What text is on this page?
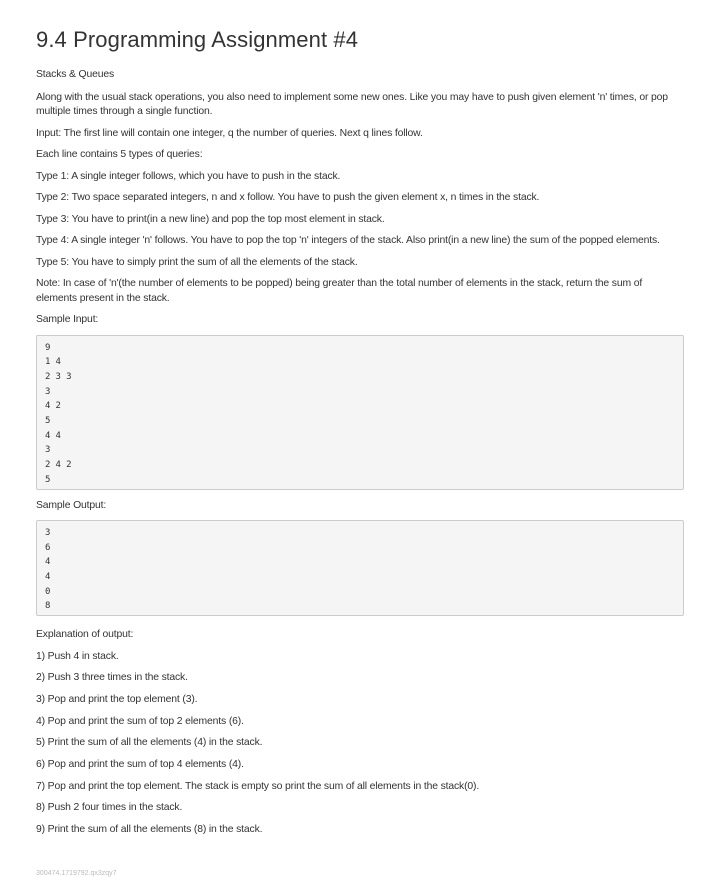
9.4 Programming Assignment #4

Stacks & Queues

Along with the usual stack operations, you also need to implement some new ones. Like you may have to push given element 'n' times, or pop multiple times through a single function.

Input: The first line will contain one integer, q the number of queries. Next q lines follow.

Each line contains 5 types of queries:

Type 1: A single integer follows, which you have to push in the stack.

Type 2: Two space separated integers, n and x follow. You have to push the given element x, n times in the stack.

Type 3: You have to print(in a new line) and pop the top most element in stack.

Type 4: A single integer 'n' follows. You have to pop the top 'n' integers of the stack. Also print(in a new line) the sum of the popped elements.

Type 5: You have to simply print the sum of all the elements of the stack.

Note: In case of 'n'(the number of elements to be popped) being greater than the total number of elements in the stack, return the sum of elements present in the stack.

Sample Input:

9
1 4
2 3 3
3
4 2
5
4 4
3
2 4 2
5

Sample Output:

3
6
4
4
0
8

Explanation of output:

1) Push 4 in stack.

2) Push 3 three times in the stack.

3) Pop and print the top element (3).

4) Pop and print the sum of top 2 elements (6).

5) Print the sum of all the elements (4) in the stack.

6) Pop and print the sum of top 4 elements (4).

7) Pop and print the top element. The stack is empty so print the sum of all elements in the stack(0).

8) Push 2 four times in the stack.

9) Print the sum of all the elements (8) in the stack.

300474.1719792.qx3zqy7
